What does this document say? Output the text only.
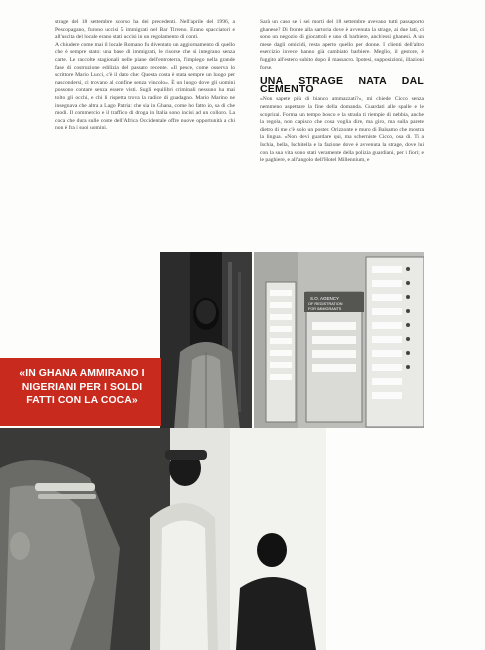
strage del 18 settembre scorso ha dei precedenti. Nell'aprile del 1996, a Pescopagano, furono uccisi 5 immigrati nel Bar Tirreno. Erano spacciatori e all'uscita del locale erano stati uccisi in un regolamento di conti.

A chiudere come mai il locale Romano fu diventato un aggiornamento di quello che è sempre stato: una base di immigrati, le risorse che si integrano senza carte. Le raccolte stagionali nelle piane dell'entroterra, l'impiego nella grande fase di costruzione edilizia del passato recente. «Il pesce, come osserva lo scrittore Mario Lucci, c'è il dato che: Questa costa è stata sempre un luogo per nascondersi, ci trovano al confine senza vincolo». È un luogo dove gli uomini possono contare senza essere visti. Sugli equilibri criminali nessuno ha mai tolto gli occhi, e chi li rispetta trova la radice di guadagno. Mario Marino ne insegnava che altra a Lago Patria: che sia in Ghana, come ho fatto io, sa di che modi. Il commercio e il traffico di droga in Italia sono incisi ad un colloro. La coca che dura sulle coste dell'Africa Occidentale offre nuove opportunità a chi non è fra i suoi uomini.

Sarà un caso se i sei morti del 18 settembre avevano tutti passaporto ghanese? Di fronte alla sartoria dove è avvenuta la strage, ai due lati, ci sono un negozio di giocattoli e uno di barbiere, anch'essi ghanesi. A un mese dagli omicidi, resta aperto quello per donne. I clienti dell'altro esercizio invece hanno già cambiato barbiere. Meglio, il gestore, è fuggito all'estero subito dopo il massacro. Ipotesi, supposizioni, illazioni forse.

UNA STRAGE NATA DAL CEMENTO

«Non sapete più di bianco ammazzati?», mi chiede Cicco senza nemmeno aspettare la fine della domanda. Guardati alle spalle e le scoprirai. Forma un tempo bosco e la strada ti riempie di nebbia, anche la regola, non capisco che cosa voglia dire, ma giro, ma sulla parete dietro di me c'è solo un poster. Orizzonte e muro di Balsamo che mostra la lingua. «Non devi guardare qui, ma scherniste Cicco, osa di. Ti a Ischia, bella, Ischitella e la fazione dove è avvenuta la strage, dove lui con la sua vita sono stati veramente della polizia guardiani, per i fiori; e le paghiere, e all'angolo dell'Hotel Millennium, e

S.O. AGENCY
OF REGISTRATION
FOR IMMIGRANTS
«IN GHANA AMMIRANO I NIGERIANI PER I SOLDI FATTI CON LA COCA»
